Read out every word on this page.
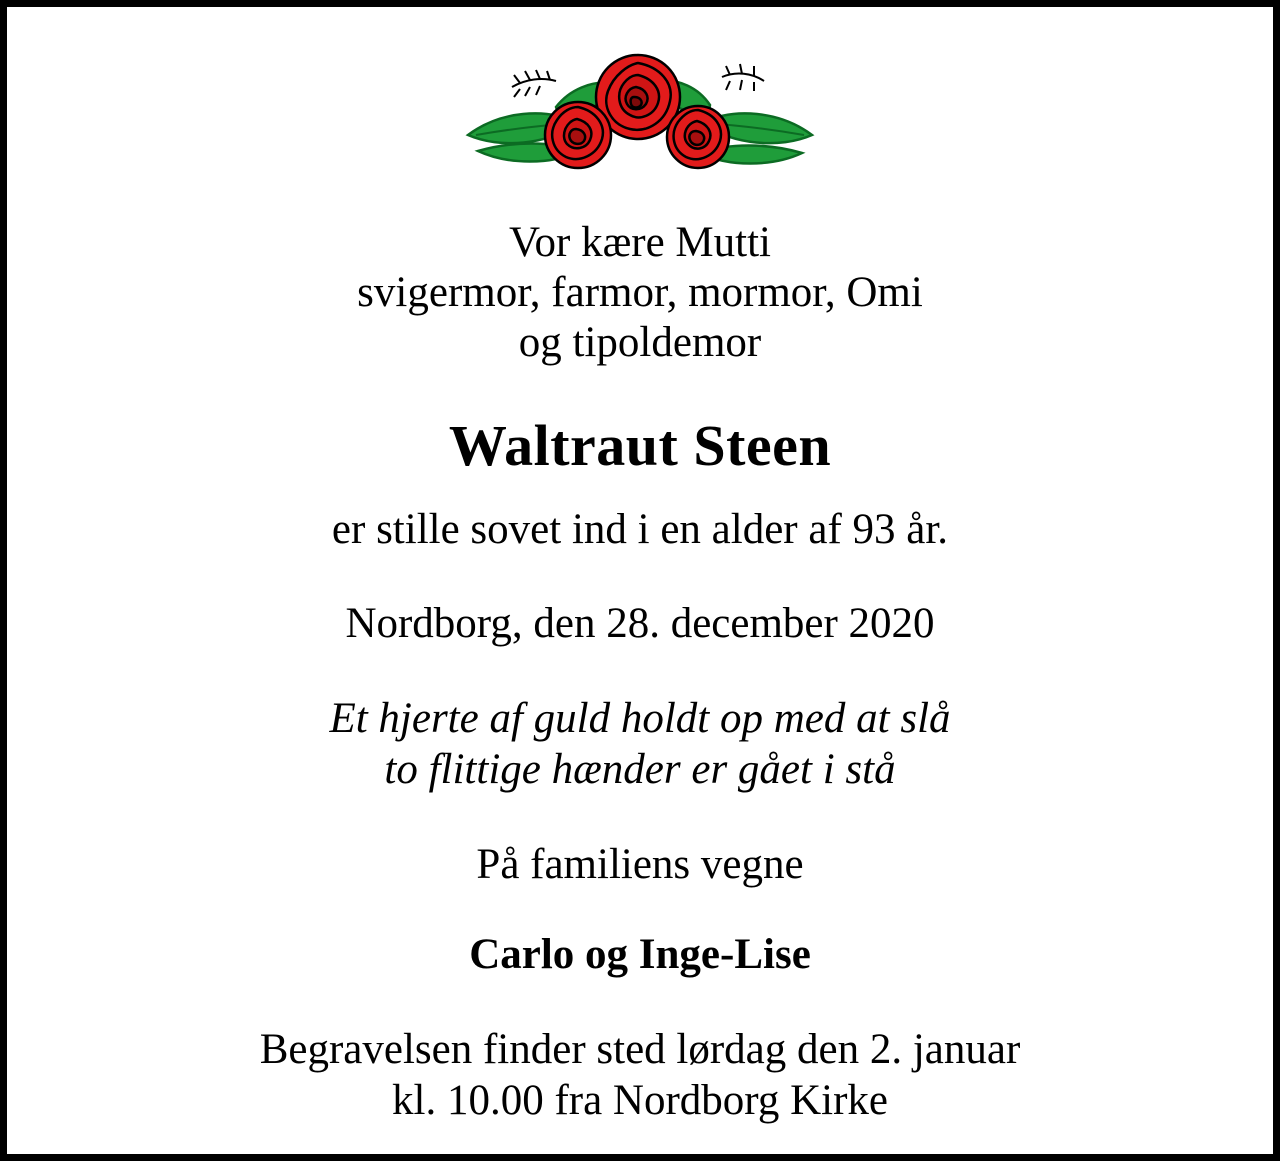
Vor kære Mutti
svigermor, farmor, mormor, Omi
og tipoldemor
Waltraut Steen
er stille sovet ind i en alder af 93 år.
Nordborg, den 28. december 2020
Et hjerte af guld holdt op med at slå
to flittige hænder er gået i stå
På familiens vegne
Carlo og Inge-Lise
Begravelsen finder sted lørdag den 2. januar
kl. 10.00 fra Nordborg Kirke
